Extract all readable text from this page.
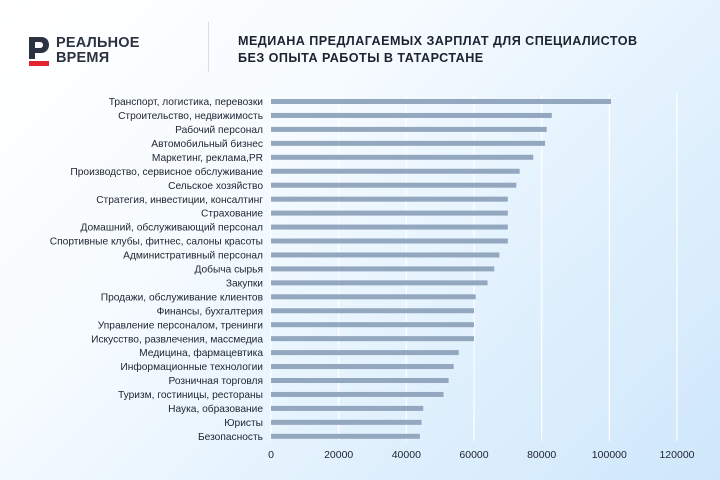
РЕАЛЬНОЕ
ВРЕМЯ
МЕДИАНА ПРЕДЛАГАЕМЫХ ЗАРПЛАТ ДЛЯ СПЕЦИАЛИСТОВ
БЕЗ ОПЫТА РАБОТЫ В ТАТАРСТАНЕ
Транспорт, логистика, перевозки
Строительство, недвижимость
Рабочий персонал
Автомобильный бизнес
Маркетинг, реклама,PR
Производство, сервисное обслуживание
Сельское хозяйство
Стратегия, инвестиции, консалтинг
Страхование
Домашний, обслуживающий персонал
Спортивные клубы, фитнес, салоны красоты
Административный персонал
Добыча сырья
Закупки
Продажи, обслуживание клиентов
Финансы, бухгалтерия
Управление персоналом, тренинги
Искусство, развлечения, массмедиа
Медицина, фармацевтика
Информационные технологии
Розничная торговля
Туризм, гостиницы, рестораны
Наука, образование
Юристы
Безопасность
0	20000	40000	60000	80000	100000	120000
